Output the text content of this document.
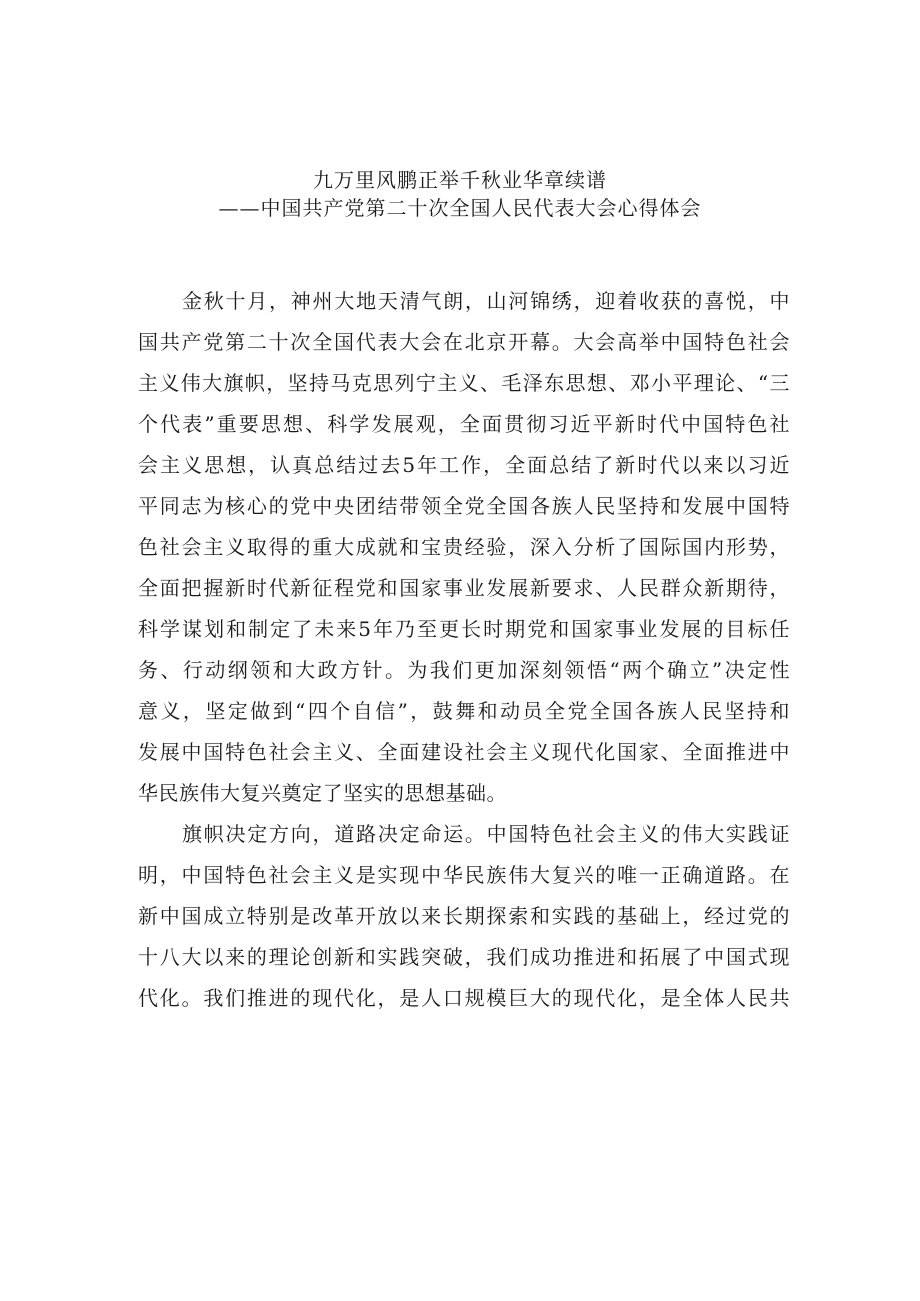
九万里风鹏正举千秋业华章续谱
——中国共产党第二十次全国人民代表大会心得体会
金秋十月，神州大地天清气朗，山河锦绣，迎着收获的喜悦，中
国共产党第二十次全国代表大会在北京开幕。大会高举中国特色社会
主义伟大旗帜，坚持马克思列宁主义、毛泽东思想、邓小平理论、“三
个代表”重要思想、科学发展观，全面贯彻习近平新时代中国特色社
会主义思想，认真总结过去5年工作，全面总结了新时代以来以习近
平同志为核心的党中央团结带领全党全国各族人民坚持和发展中国特
色社会主义取得的重大成就和宝贵经验，深入分析了国际国内形势，
全面把握新时代新征程党和国家事业发展新要求、人民群众新期待，
科学谋划和制定了未来5年乃至更长时期党和国家事业发展的目标任
务、行动纲领和大政方针。为我们更加深刻领悟“两个确立”决定性
意义，坚定做到“四个自信”，鼓舞和动员全党全国各族人民坚持和
发展中国特色社会主义、全面建设社会主义现代化国家、全面推进中
华民族伟大复兴奠定了坚实的思想基础。
旗帜决定方向，道路决定命运。中国特色社会主义的伟大实践证
明，中国特色社会主义是实现中华民族伟大复兴的唯一正确道路。在
新中国成立特别是改革开放以来长期探索和实践的基础上，经过党的
十八大以来的理论创新和实践突破，我们成功推进和拓展了中国式现
代化。我们推进的现代化，是人口规模巨大的现代化，是全体人民共
